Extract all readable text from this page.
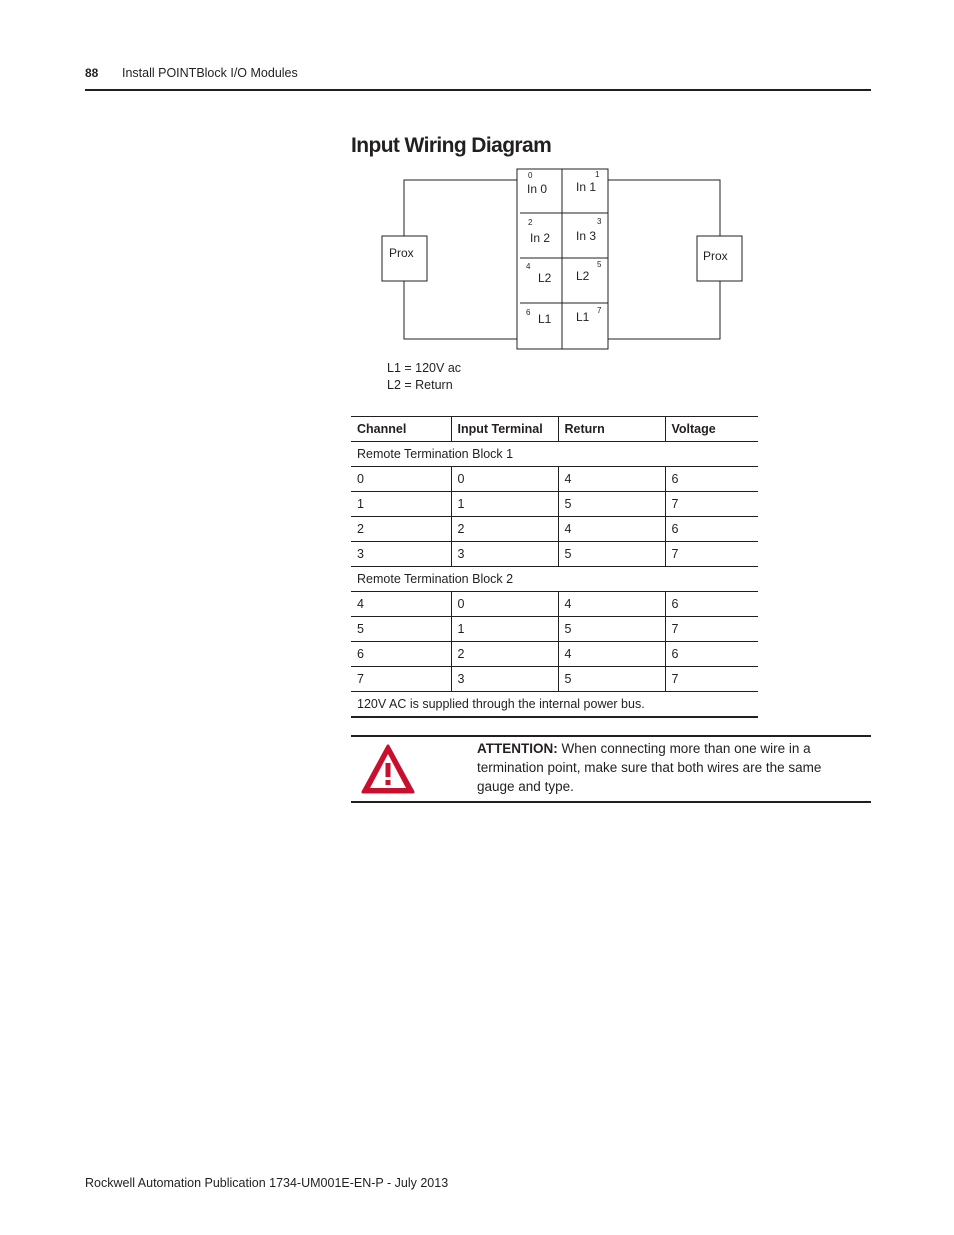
88 Install POINTBlock I/O Modules
Input Wiring Diagram
Prox	Prox
0	1
2	3
4	5
6	7
In 0 In 1
In 2 In 3
L2 L2
L1 L1
L1 = 120V ac
L2 = Return
Channel	Input Terminal	Return	Voltage
Remote Termination Block 1			
0	0	4	6
1	1	5	7
2	2	4	6
3	3	5	7
Remote Termination Block 2			
4	0	4	6
5	1	5	7
6	2	4	6
7	3	5	7
120V AC is supplied through the internal power bus.			
ATTENTION: When connecting more than one wire in a termination point, make sure that both wires are the same gauge and type.
Rockwell Automation Publication 1734-UM001E-EN-P - July 2013
